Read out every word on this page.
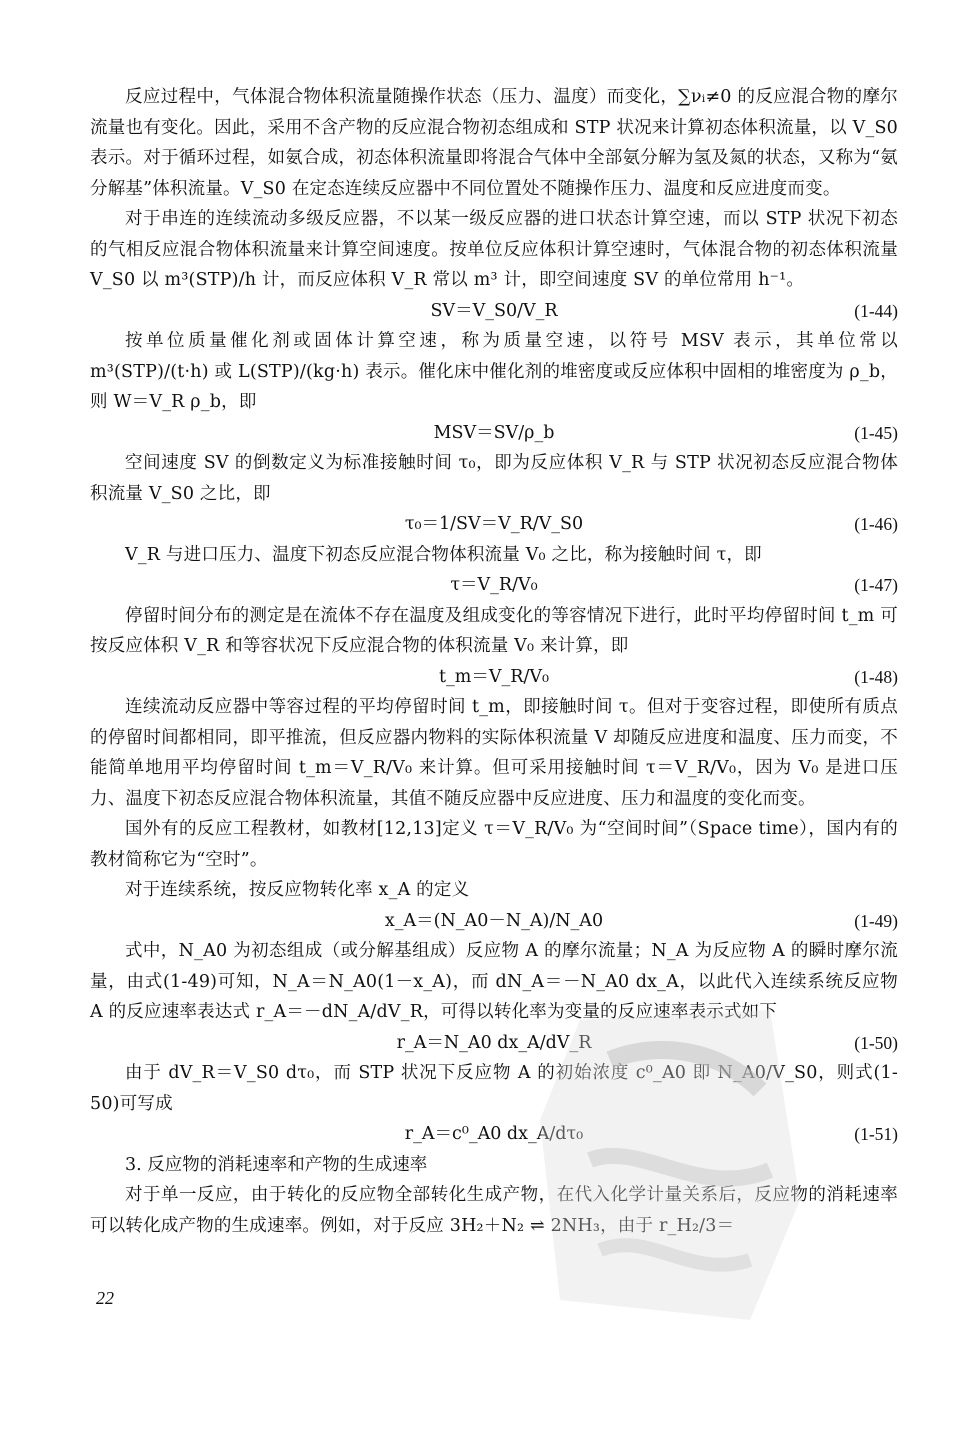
反应过程中，气体混合物体积流量随操作状态（压力、温度）而变化，∑νᵢ≠0 的反应混合物的摩尔流量也有变化。因此，采用不含产物的反应混合物初态组成和 STP 状况来计算初态体积流量，以 V_S0 表示。对于循环过程，如氨合成，初态体积流量即将混合气体中全部氨分解为氢及氮的状态，又称为“氨分解基”体积流量。V_S0 在定态连续反应器中不同位置处不随操作压力、温度和反应进度而变。

对于串连的连续流动多级反应器，不以某一级反应器的进口状态计算空速，而以 STP 状况下初态的气相反应混合物体积流量来计算空间速度。按单位反应体积计算空速时，气体混合物的初态体积流量 V_S0 以 m³(STP)/h 计，而反应体积 V_R 常以 m³ 计，即空间速度 SV 的单位常用 h⁻¹。

SV＝V_S0/V_R	(1-44)

按单位质量催化剂或固体计算空速，称为质量空速，以符号 MSV 表示，其单位常以 m³(STP)/(t·h) 或 L(STP)/(kg·h) 表示。催化床中催化剂的堆密度或反应体积中固相的堆密度为 ρ_b，则 W＝V_R ρ_b，即

MSV＝SV/ρ_b	(1-45)

空间速度 SV 的倒数定义为标准接触时间 τ₀，即为反应体积 V_R 与 STP 状况初态反应混合物体积流量 V_S0 之比，即

τ₀＝1/SV＝V_R/V_S0	(1-46)

V_R 与进口压力、温度下初态反应混合物体积流量 V₀ 之比，称为接触时间 τ，即

τ＝V_R/V₀	(1-47)

停留时间分布的测定是在流体不存在温度及组成变化的等容情况下进行，此时平均停留时间 t_m 可按反应体积 V_R 和等容状况下反应混合物的体积流量 V₀ 来计算，即

t_m＝V_R/V₀	(1-48)

连续流动反应器中等容过程的平均停留时间 t_m，即接触时间 τ。但对于变容过程，即使所有质点的停留时间都相同，即平推流，但反应器内物料的实际体积流量 V 却随反应进度和温度、压力而变，不能简单地用平均停留时间 t_m＝V_R/V₀ 来计算。但可采用接触时间 τ＝V_R/V₀，因为 V₀ 是进口压力、温度下初态反应混合物体积流量，其值不随反应器中反应进度、压力和温度的变化而变。

国外有的反应工程教材，如教材[12,13]定义 τ＝V_R/V₀ 为“空间时间”（Space time），国内有的教材简称它为“空时”。

对于连续系统，按反应物转化率 x_A 的定义

x_A＝(N_A0－N_A)/N_A0	(1-49)

式中，N_A0 为初态组成（或分解基组成）反应物 A 的摩尔流量；N_A 为反应物 A 的瞬时摩尔流量，由式(1-49)可知，N_A＝N_A0(1－x_A)，而 dN_A＝－N_A0 dx_A，以此代入连续系统反应物 A 的反应速率表达式 r_A＝－dN_A/dV_R，可得以转化率为变量的反应速率表示式如下

r_A＝N_A0 dx_A/dV_R	(1-50)

由于 dV_R＝V_S0 dτ₀，而 STP 状况下反应物 A 的初始浓度 c⁰_A0 即 N_A0/V_S0，则式(1-50)可写成

r_A＝c⁰_A0 dx_A/dτ₀	(1-51)

3. 反应物的消耗速率和产物的生成速率

对于单一反应，由于转化的反应物全部转化生成产物，在代入化学计量关系后，反应物的消耗速率可以转化成产物的生成速率。例如，对于反应 3H₂＋N₂ ⇌ 2NH₃，由于 r_H₂/3＝

22
